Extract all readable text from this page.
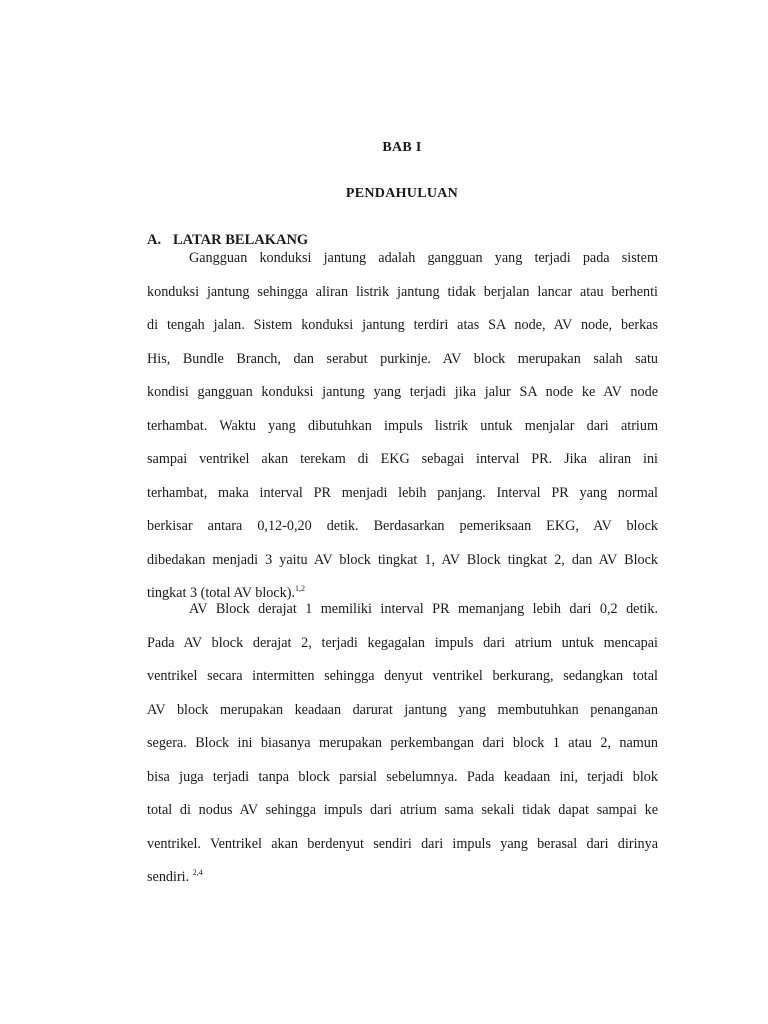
BAB I
PENDAHULUAN
A. LATAR BELAKANG
Gangguan konduksi jantung adalah gangguan yang terjadi pada sistem
konduksi jantung sehingga aliran listrik jantung tidak berjalan lancar atau berhenti
di tengah jalan. Sistem konduksi jantung terdiri atas SA node, AV node, berkas
His, Bundle Branch, dan serabut purkinje. AV block merupakan salah satu
kondisi gangguan konduksi jantung yang terjadi jika jalur SA node ke AV node
terhambat. Waktu yang dibutuhkan impuls listrik untuk menjalar dari atrium
sampai ventrikel akan terekam di EKG sebagai interval PR. Jika aliran ini
terhambat, maka interval PR menjadi lebih panjang. Interval PR yang normal
berkisar antara 0,12-0,20 detik. Berdasarkan pemeriksaan EKG, AV block
dibedakan menjadi 3 yaitu AV block tingkat 1, AV Block tingkat 2, dan AV Block
tingkat 3 (total AV block).$^{1,2}$
AV Block derajat 1 memiliki interval PR memanjang lebih dari 0,2 detik.
Pada AV block derajat 2, terjadi kegagalan impuls dari atrium untuk mencapai
ventrikel secara intermitten sehingga denyut ventrikel berkurang, sedangkan total
AV block merupakan keadaan darurat jantung yang membutuhkan penanganan
segera. Block ini biasanya merupakan perkembangan dari block 1 atau 2, namun
bisa juga terjadi tanpa block parsial sebelumnya. Pada keadaan ini, terjadi blok
total di nodus AV sehingga impuls dari atrium sama sekali tidak dapat sampai ke
ventrikel. Ventrikel akan berdenyut sendiri dari impuls yang berasal dari dirinya
sendiri. $^{2,4}$
